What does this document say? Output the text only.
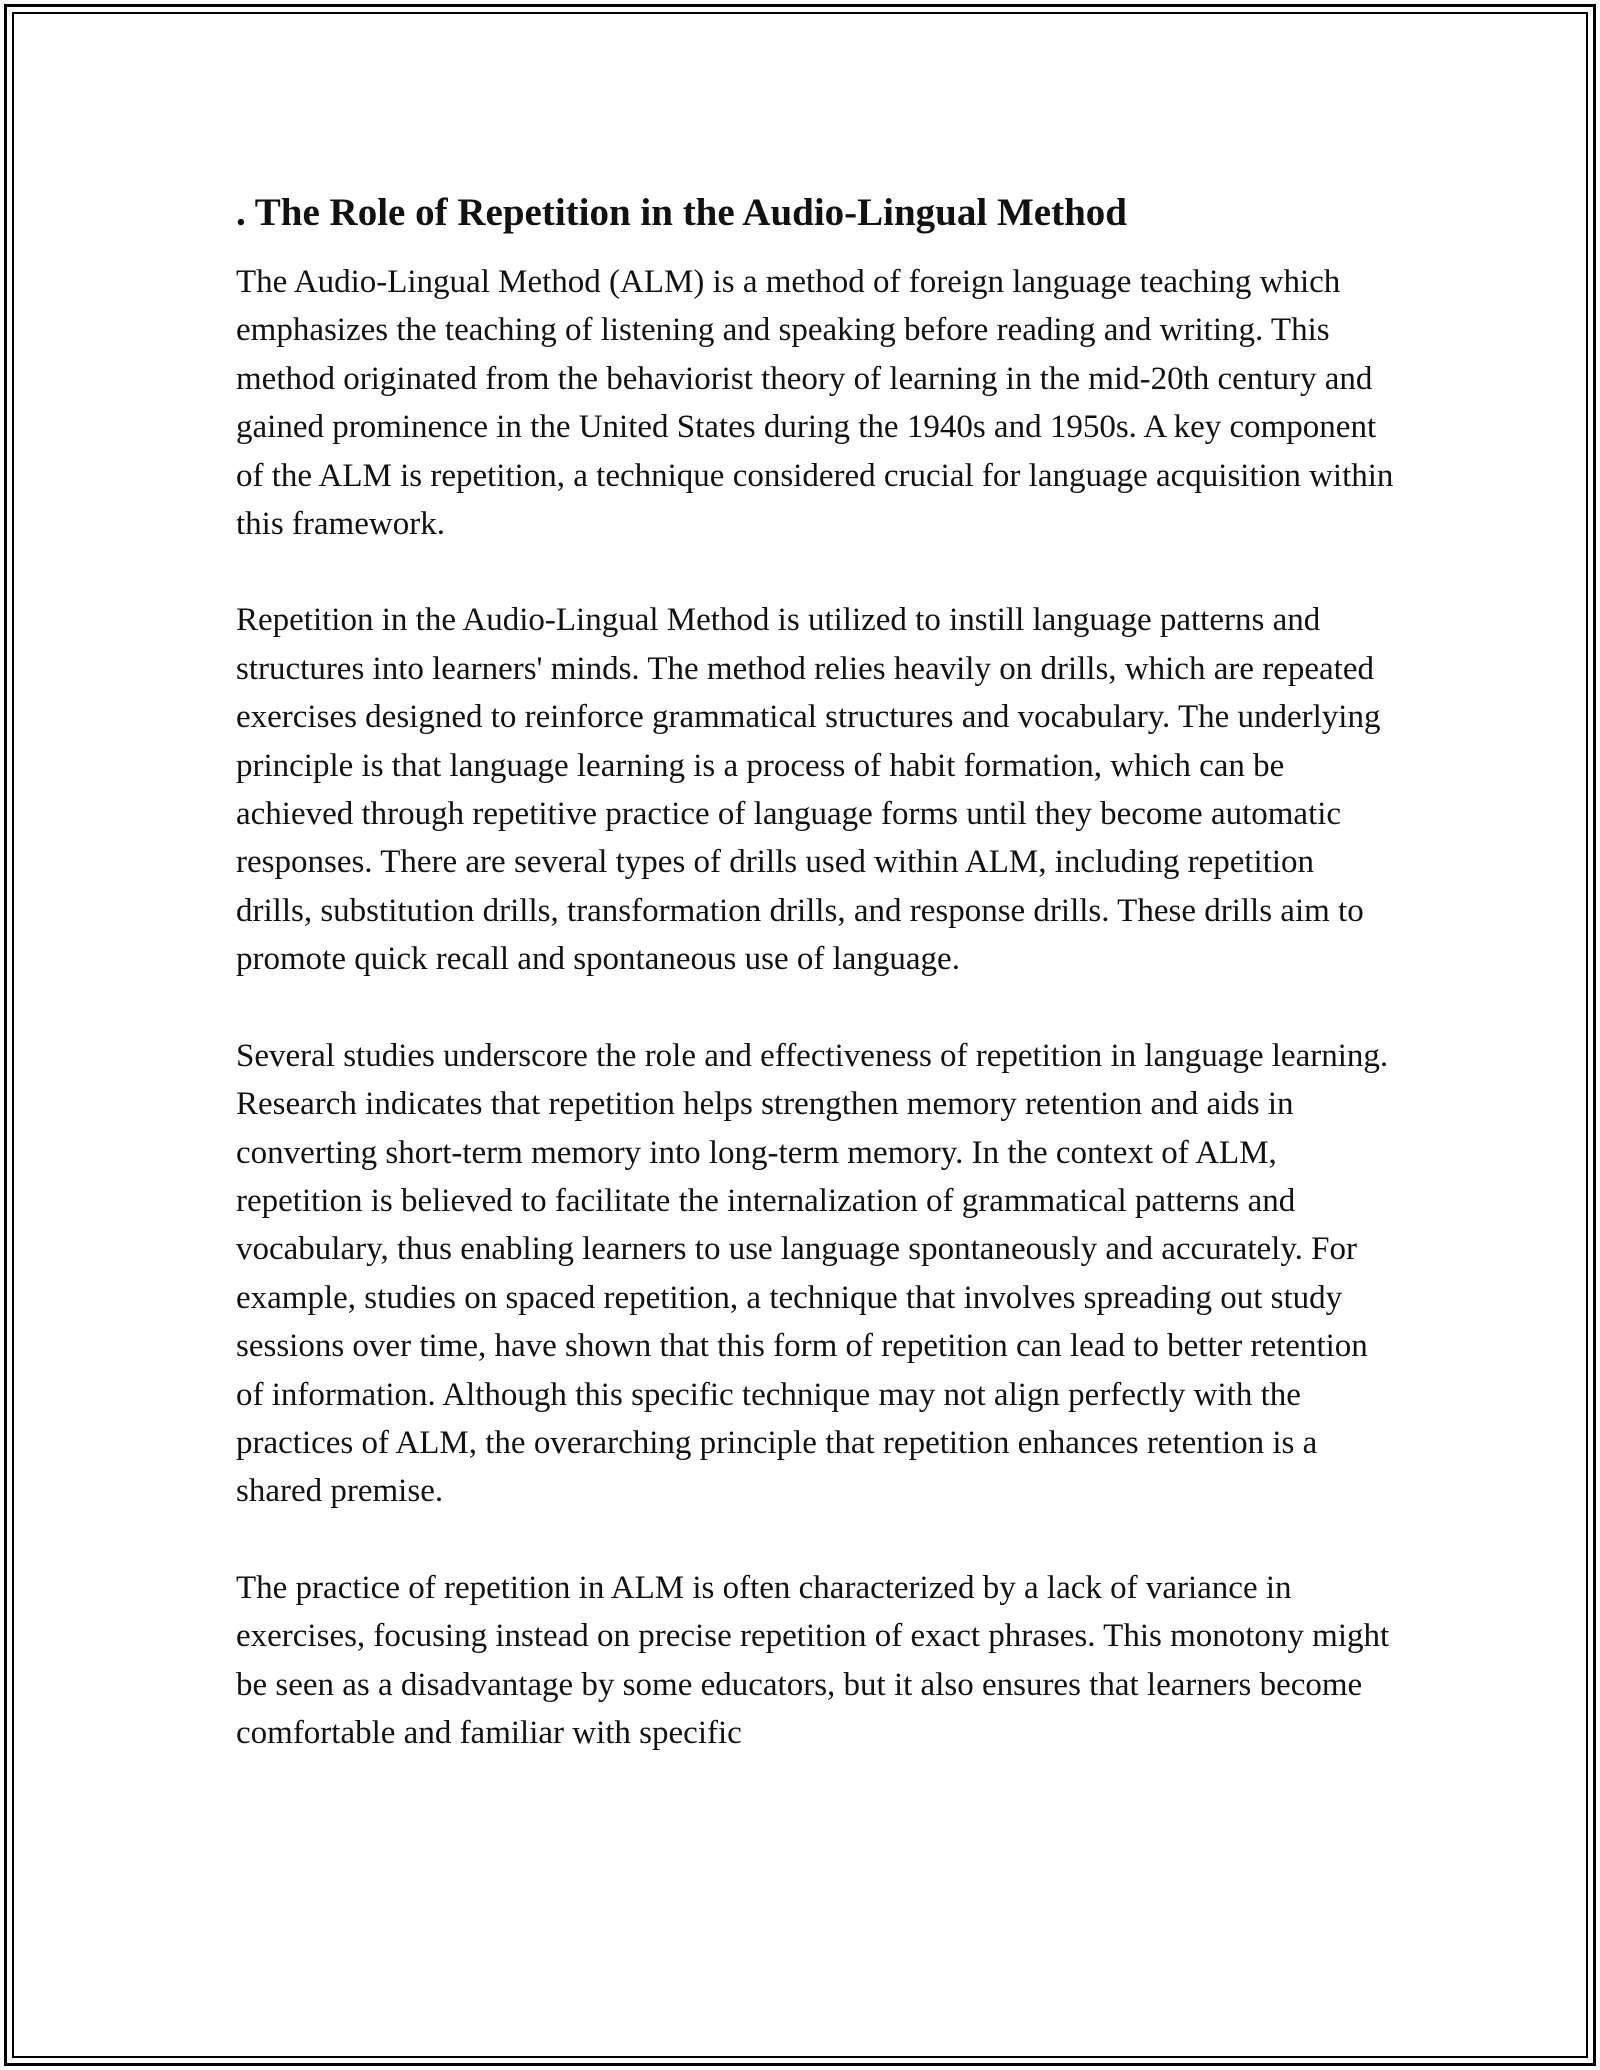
. The Role of Repetition in the Audio-Lingual Method

The Audio-Lingual Method (ALM) is a method of foreign language teaching which emphasizes the teaching of listening and speaking before reading and writing. This method originated from the behaviorist theory of learning in the mid-20th century and gained prominence in the United States during the 1940s and 1950s. A key component of the ALM is repetition, a technique considered crucial for language acquisition within this framework.

Repetition in the Audio-Lingual Method is utilized to instill language patterns and structures into learners' minds. The method relies heavily on drills, which are repeated exercises designed to reinforce grammatical structures and vocabulary. The underlying principle is that language learning is a process of habit formation, which can be achieved through repetitive practice of language forms until they become automatic responses. There are several types of drills used within ALM, including repetition drills, substitution drills, transformation drills, and response drills. These drills aim to promote quick recall and spontaneous use of language.

Several studies underscore the role and effectiveness of repetition in language learning. Research indicates that repetition helps strengthen memory retention and aids in converting short-term memory into long-term memory. In the context of ALM, repetition is believed to facilitate the internalization of grammatical patterns and vocabulary, thus enabling learners to use language spontaneously and accurately. For example, studies on spaced repetition, a technique that involves spreading out study sessions over time, have shown that this form of repetition can lead to better retention of information. Although this specific technique may not align perfectly with the practices of ALM, the overarching principle that repetition enhances retention is a shared premise.

The practice of repetition in ALM is often characterized by a lack of variance in exercises, focusing instead on precise repetition of exact phrases. This monotony might be seen as a disadvantage by some educators, but it also ensures that learners become comfortable and familiar with specific
